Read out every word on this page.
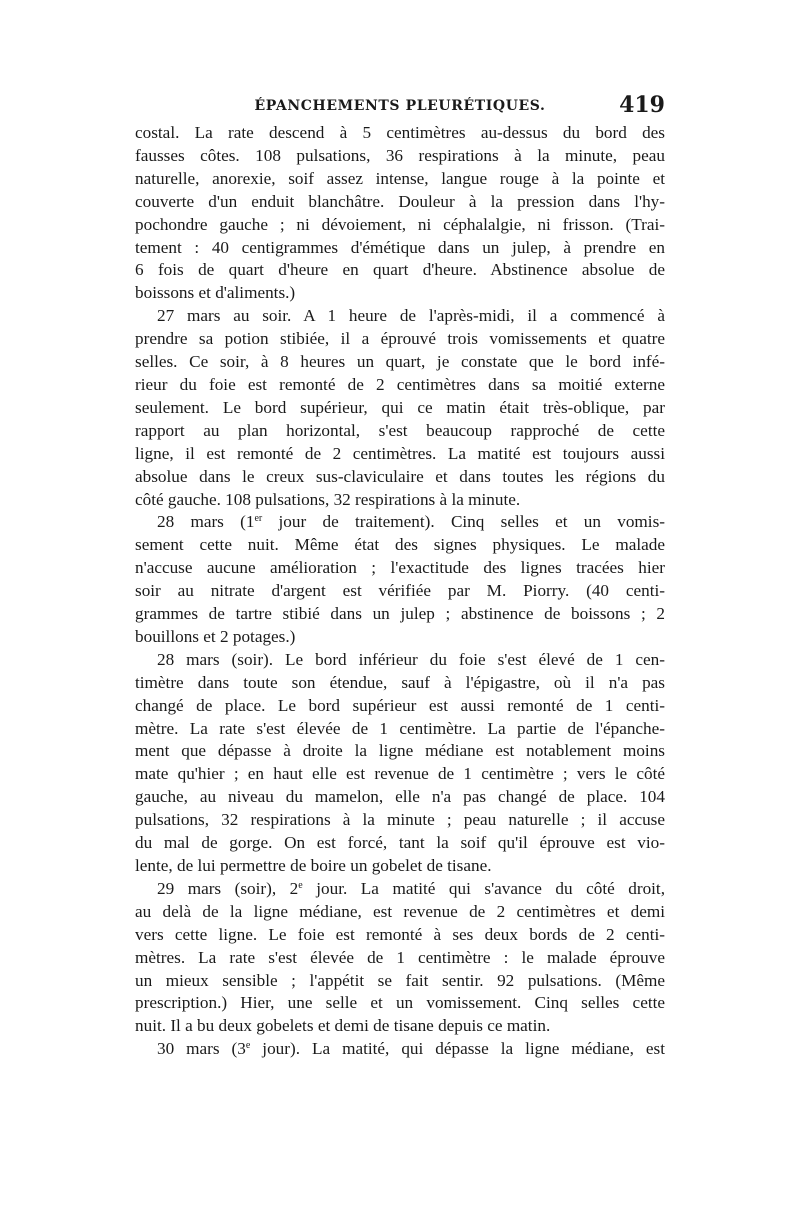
ÉPANCHEMENTS PLEURÉTIQUES.	419
costal. La rate descend à 5 centimètres au-dessus du bord des
fausses côtes. 108 pulsations, 36 respirations à la minute, peau
naturelle, anorexie, soif assez intense, langue rouge à la pointe et
couverte d'un enduit blanchâtre. Douleur à la pression dans l'hy-
pochondre gauche ; ni dévoiement, ni céphalalgie, ni frisson. (Trai-
tement : 40 centigrammes d'émétique dans un julep, à prendre en
6 fois de quart d'heure en quart d'heure. Abstinence absolue de
boissons et d'aliments.)
27 mars au soir. A 1 heure de l'après-midi, il a commencé à
prendre sa potion stibiée, il a éprouvé trois vomissements et quatre
selles. Ce soir, à 8 heures un quart, je constate que le bord infé-
rieur du foie est remonté de 2 centimètres dans sa moitié externe
seulement. Le bord supérieur, qui ce matin était très-oblique, par
rapport au plan horizontal, s'est beaucoup rapproché de cette
ligne, il est remonté de 2 centimètres. La matité est toujours aussi
absolue dans le creux sus-claviculaire et dans toutes les régions du
côté gauche. 108 pulsations, 32 respirations à la minute.
28 mars (1er jour de traitement). Cinq selles et un vomis-
sement cette nuit. Même état des signes physiques. Le malade
n'accuse aucune amélioration ; l'exactitude des lignes tracées hier
soir au nitrate d'argent est vérifiée par M. Piorry. (40 centi-
grammes de tartre stibié dans un julep ; abstinence de boissons ; 2
bouillons et 2 potages.)
28 mars (soir). Le bord inférieur du foie s'est élevé de 1 cen-
timètre dans toute son étendue, sauf à l'épigastre, où il n'a pas
changé de place. Le bord supérieur est aussi remonté de 1 centi-
mètre. La rate s'est élevée de 1 centimètre. La partie de l'épanche-
ment que dépasse à droite la ligne médiane est notablement moins
mate qu'hier ; en haut elle est revenue de 1 centimètre ; vers le côté
gauche, au niveau du mamelon, elle n'a pas changé de place. 104
pulsations, 32 respirations à la minute ; peau naturelle ; il accuse
du mal de gorge. On est forcé, tant la soif qu'il éprouve est vio-
lente, de lui permettre de boire un gobelet de tisane.
29 mars (soir), 2e jour. La matité qui s'avance du côté droit,
au delà de la ligne médiane, est revenue de 2 centimètres et demi
vers cette ligne. Le foie est remonté à ses deux bords de 2 centi-
mètres. La rate s'est élevée de 1 centimètre : le malade éprouve
un mieux sensible ; l'appétit se fait sentir. 92 pulsations. (Même
prescription.) Hier, une selle et un vomissement. Cinq selles cette
nuit. Il a bu deux gobelets et demi de tisane depuis ce matin.
30 mars (3e jour). La matité, qui dépasse la ligne médiane, est
